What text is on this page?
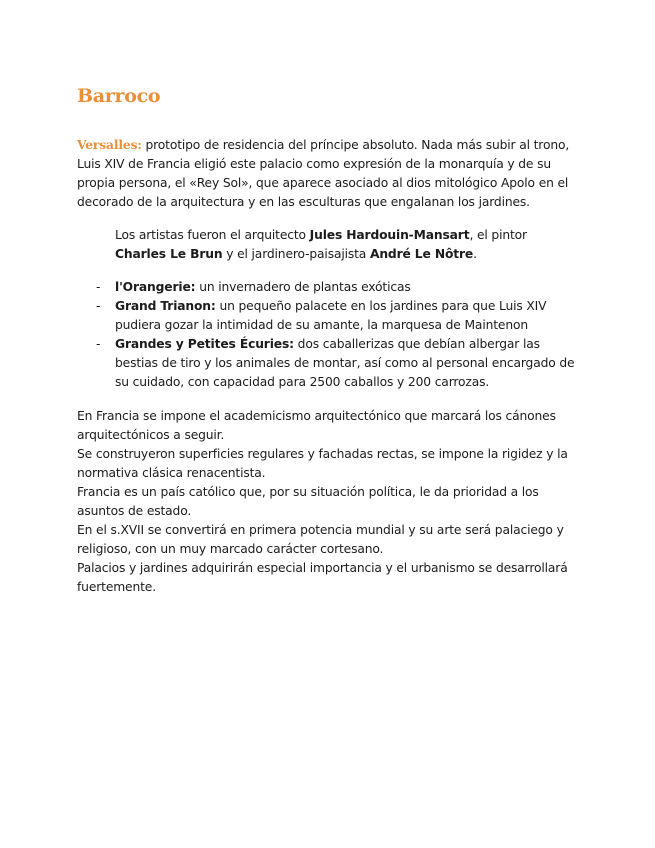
Barroco
Versalles: prototipo de residencia del príncipe absoluto. Nada más subir al trono, Luis XIV de Francia eligió este palacio como expresión de la monarquía y de su propia persona, el «Rey Sol», que aparece asociado al dios mitológico Apolo en el decorado de la arquitectura y en las esculturas que engalanan los jardines.
Los artistas fueron el arquitecto Jules Hardouin-Mansart, el pintor Charles Le Brun y el jardinero-paisajista André Le Nôtre.
- l'Orangerie: un invernadero de plantas exóticas
- Grand Trianon: un pequeño palacete en los jardines para que Luis XIV pudiera gozar la intimidad de su amante, la marquesa de Maintenon
- Grandes y Petites Écuries: dos caballerizas que debían albergar las bestias de tiro y los animales de montar, así como al personal encargado de su cuidado, con capacidad para 2500 caballos y 200 carrozas.

En Francia se impone el academicismo arquitectónico que marcará los cánones arquitectónicos a seguir.

Se construyeron superficies regulares y fachadas rectas, se impone la rigidez y la normativa clásica renacentista.

Francia es un país católico que, por su situación política, le da prioridad a los asuntos de estado.

En el s.XVII se convertirá en primera potencia mundial y su arte será palaciego y religioso, con un muy marcado carácter cortesano.

Palacios y jardines adquirirán especial importancia y el urbanismo se desarrollará fuertemente.
